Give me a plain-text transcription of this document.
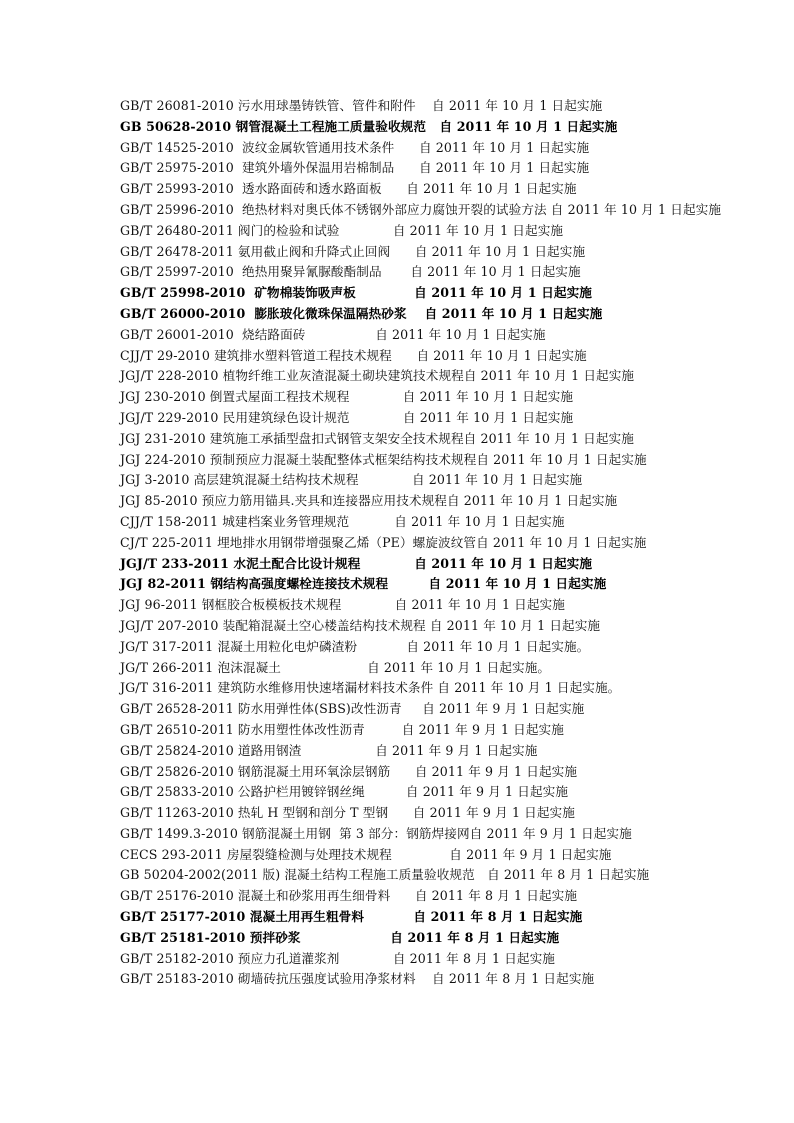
GB/T 26081-2010 污水用球墨铸铁管、管件和附件    自 2011 年 10 月 1 日起实施

GB 50628-2010 钢管混凝土工程施工质量验收规范   自 2011 年 10 月 1 日起实施

GB/T 14525-2010  波纹金属软管通用技术条件      自 2011 年 10 月 1 日起实施

GB/T 25975-2010  建筑外墙外保温用岩棉制品      自 2011 年 10 月 1 日起实施

GB/T 25993-2010  透水路面砖和透水路面板      自 2011 年 10 月 1 日起实施

GB/T 25996-2010  绝热材料对奥氏体不锈钢外部应力腐蚀开裂的试验方法 自 2011 年 10 月 1 日起实施

GB/T 26480-2011 阀门的检验和试验             自 2011 年 10 月 1 日起实施

GB/T 26478-2011 氨用截止阀和升降式止回阀      自 2011 年 10 月 1 日起实施

GB/T 25997-2010  绝热用聚异氰脲酸酯制品       自 2011 年 10 月 1 日起实施

GB/T 25998-2010  矿物棉装饰吸声板             自 2011 年 10 月 1 日起实施

GB/T 26000-2010  膨胀玻化微珠保温隔热砂浆    自 2011 年 10 月 1 日起实施

GB/T 26001-2010  烧结路面砖                 自 2011 年 10 月 1 日起实施

CJJ/T 29-2010 建筑排水塑料管道工程技术规程      自 2011 年 10 月 1 日起实施

JGJ/T 228-2010 植物纤维工业灰渣混凝土砌块建筑技术规程自 2011 年 10 月 1 日起实施

JGJ 230-2010 倒置式屋面工程技术规程             自 2011 年 10 月 1 日起实施

JGJ/T 229-2010 民用建筑绿色设计规范             自 2011 年 10 月 1 日起实施

JGJ 231-2010 建筑施工承插型盘扣式钢管支架安全技术规程自 2011 年 10 月 1 日起实施

JGJ 224-2010 预制预应力混凝土装配整体式框架结构技术规程自 2011 年 10 月 1 日起实施

JGJ 3-2010 高层建筑混凝土结构技术规程             自 2011 年 10 月 1 日起实施

JGJ 85-2010 预应力筋用锚具.夹具和连接器应用技术规程自 2011 年 10 月 1 日起实施

CJJ/T 158-2011 城建档案业务管理规范           自 2011 年 10 月 1 日起实施

CJ/T 225-2011 埋地排水用钢带增强聚乙烯（PE）螺旋波纹管自 2011 年 10 月 1 日起实施

JGJ/T 233-2011 水泥土配合比设计规程            自 2011 年 10 月 1 日起实施

JGJ 82-2011 钢结构高强度螺栓连接技术规程         自 2011 年 10 月 1 日起实施

JGJ 96-2011 钢框胶合板模板技术规程             自 2011 年 10 月 1 日起实施

JGJ/T 207-2010 装配箱混凝土空心楼盖结构技术规程 自 2011 年 10 月 1 日起实施

JG/T 317-2011 混凝土用粒化电炉磷渣粉            自 2011 年 10 月 1 日起实施。

JG/T 266-2011 泡沫混凝土                     自 2011 年 10 月 1 日起实施。

JG/T 316-2011 建筑防水维修用快速堵漏材料技术条件 自 2011 年 10 月 1 日起实施。

GB/T 26528-2011 防水用弹性体(SBS)改性沥青     自 2011 年 9 月 1 日起实施

GB/T 26510-2011 防水用塑性体改性沥青         自 2011 年 9 月 1 日起实施

GB/T 25824-2010 道路用钢渣                  自 2011 年 9 月 1 日起实施

GB/T 25826-2010 钢筋混凝土用环氧涂层钢筋      自 2011 年 9 月 1 日起实施

GB/T 25833-2010 公路护栏用镀锌钢丝绳          自 2011 年 9 月 1 日起实施

GB/T 11263-2010 热轧 H 型钢和剖分 T 型钢      自 2011 年 9 月 1 日起实施

GB/T 1499.3-2010 钢筋混凝土用钢  第 3 部分：钢筋焊接网自 2011 年 9 月 1 日起实施

CECS 293-2011 房屋裂缝检测与处理技术规程              自 2011 年 9 月 1 日起实施

GB 50204-2002(2011 版) 混凝土结构工程施工质量验收规范   自 2011 年 8 月 1 日起实施

GB/T 25176-2010 混凝土和砂浆用再生细骨料      自 2011 年 8 月 1 日起实施

GB/T 25177-2010 混凝土用再生粗骨料           自 2011 年 8 月 1 日起实施

GB/T 25181-2010 预拌砂浆                    自 2011 年 8 月 1 日起实施

GB/T 25182-2010 预应力孔道灌浆剂             自 2011 年 8 月 1 日起实施

GB/T 25183-2010 砌墙砖抗压强度试验用净浆材料    自 2011 年 8 月 1 日起实施
